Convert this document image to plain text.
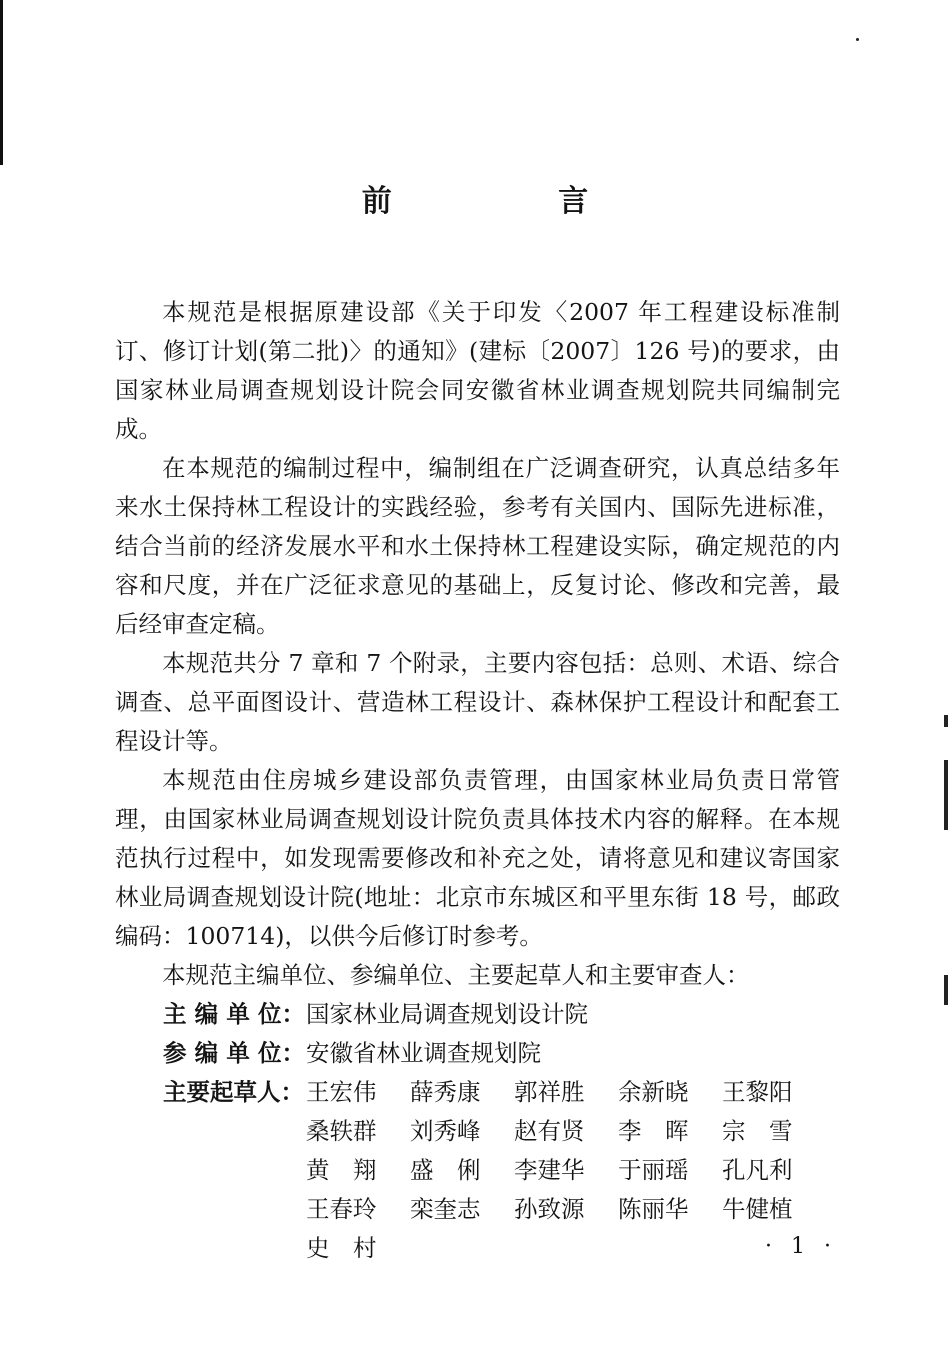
前 言

本规范是根据原建设部《关于印发〈2007 年工程建设标准制订、修订计划(第二批)〉的通知》(建标〔2007〕126 号)的要求，由国家林业局调查规划设计院会同安徽省林业调查规划院共同编制完成。

在本规范的编制过程中，编制组在广泛调查研究，认真总结多年来水土保持林工程设计的实践经验，参考有关国内、国际先进标准，结合当前的经济发展水平和水土保持林工程建设实际，确定规范的内容和尺度，并在广泛征求意见的基础上，反复讨论、修改和完善，最后经审查定稿。

本规范共分 7 章和 7 个附录，主要内容包括：总则、术语、综合调查、总平面图设计、营造林工程设计、森林保护工程设计和配套工程设计等。

本规范由住房城乡建设部负责管理，由国家林业局负责日常管理，由国家林业局调查规划设计院负责具体技术内容的解释。在本规范执行过程中，如发现需要修改和补充之处，请将意见和建议寄国家林业局调查规划设计院(地址：北京市东城区和平里东街 18 号，邮政编码：100714)，以供今后修订时参考。

本规范主编单位、参编单位、主要起草人和主要审查人：

主 编 单 位： 国家林业局调查规划设计院
参 编 单 位： 安徽省林业调查规划院
主要起草人： 王宏伟	薛秀康	郭祥胜	余新晓	王黎阳
桑轶群	刘秀峰	赵有贤	李　晖	宗　雪
黄　翔	盛　俐	李建华	于丽瑶	孔凡利
王春玲	栾奎志	孙致源	陈丽华	牛健植
史　村	· 1 ·
